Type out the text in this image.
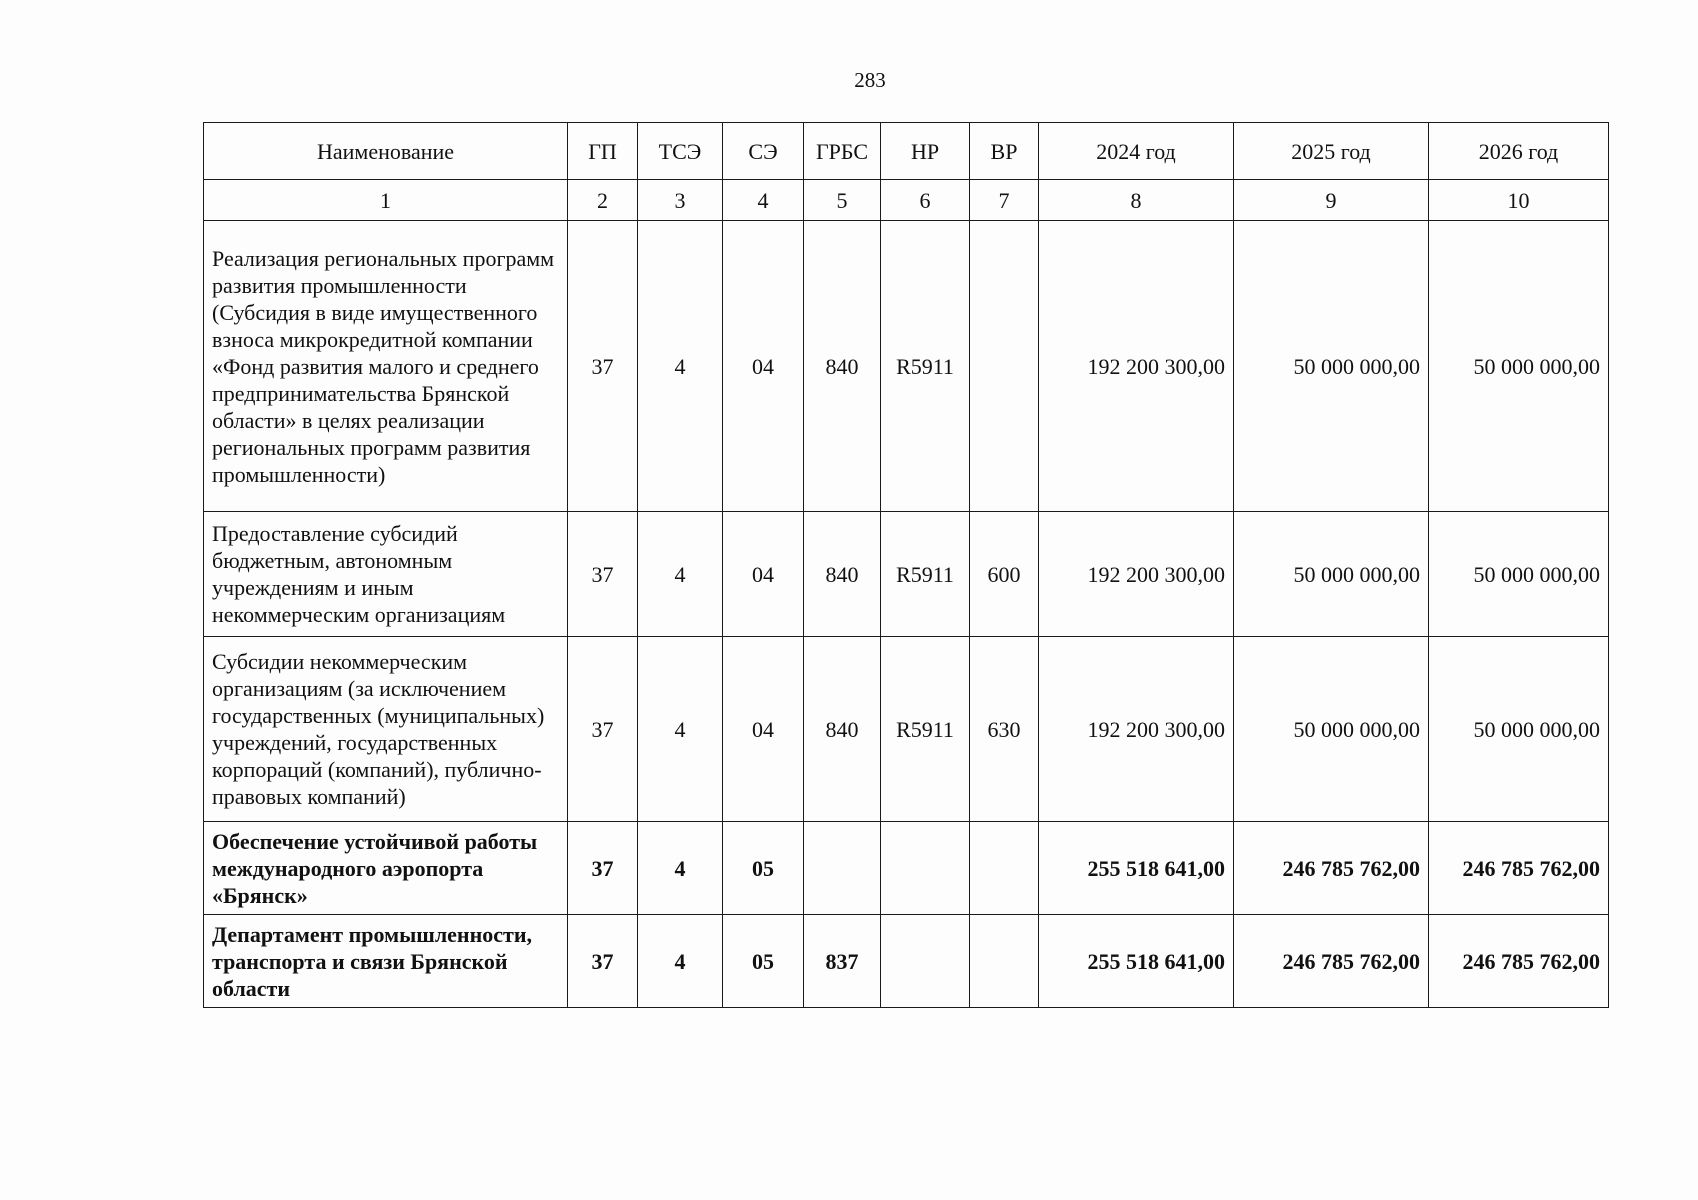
283
Наименование	ГП	ТСЭ	СЭ	ГРБС	НР	ВР	2024 год	2025 год	2026 год
1	2	3	4	5	6	7	8	9	10
Реализация региональных программ развития промышленности (Субсидия в виде имущественного взноса микрокредитной компании «Фонд развития малого и среднего предпринимательства Брянской области» в целях реализации региональных программ развития промышленности)	37	4	04	840	R5911		192 200 300,00	50 000 000,00	50 000 000,00
Предоставление субсидий бюджетным, автономным учреждениям и иным некоммерческим организациям	37	4	04	840	R5911	600	192 200 300,00	50 000 000,00	50 000 000,00
Субсидии некоммерческим организациям (за исключением государственных (муниципальных) учреждений, государственных корпораций (компаний), публично-правовых компаний)	37	4	04	840	R5911	630	192 200 300,00	50 000 000,00	50 000 000,00
Обеспечение устойчивой работы международного аэропорта «Брянск»	37	4	05				255 518 641,00	246 785 762,00	246 785 762,00
Департамент промышленности, транспорта и связи Брянской области	37	4	05	837			255 518 641,00	246 785 762,00	246 785 762,00
